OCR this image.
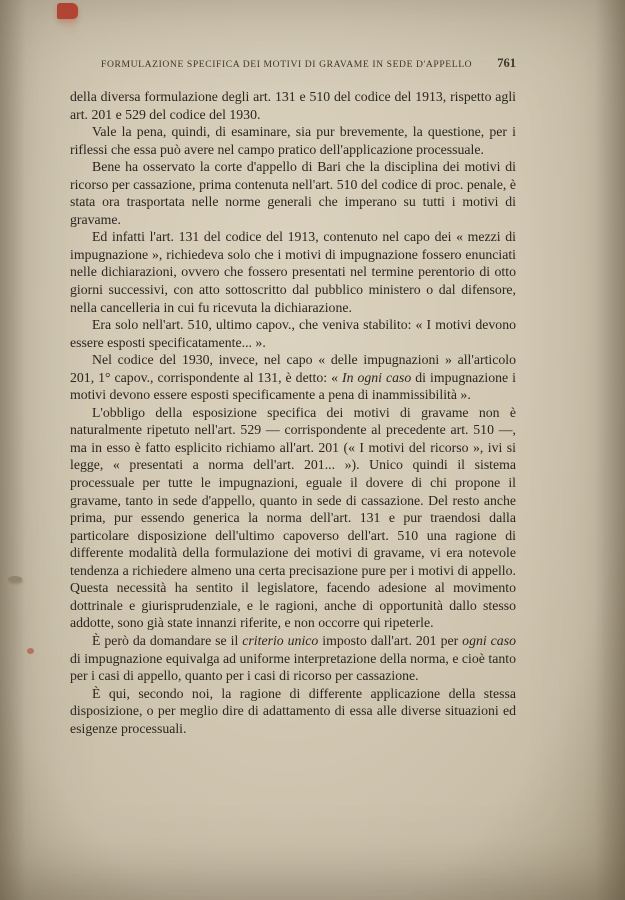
FORMULAZIONE SPECIFICA DEI MOTIVI DI GRAVAME IN SEDE D'APPELLO	761

della diversa formulazione degli art. 131 e 510 del codice del 1913, rispetto agli art. 201 e 529 del codice del 1930.

Vale la pena, quindi, di esaminare, sia pur brevemente, la questione, per i riflessi che essa può avere nel campo pratico dell'applicazione processuale.

Bene ha osservato la corte d'appello di Bari che la disciplina dei motivi di ricorso per cassazione, prima contenuta nell'art. 510 del codice di proc. penale, è stata ora trasportata nelle norme generali che imperano su tutti i motivi di gravame.

Ed infatti l'art. 131 del codice del 1913, contenuto nel capo dei « mezzi di impugnazione », richiedeva solo che i motivi di impugnazione fossero enunciati nelle dichiarazioni, ovvero che fossero presentati nel termine perentorio di otto giorni successivi, con atto sottoscritto dal pubblico ministero o dal difensore, nella cancelleria in cui fu ricevuta la dichiarazione.

Era solo nell'art. 510, ultimo capov., che veniva stabilito: « I motivi devono essere esposti specificatamente... ».

Nel codice del 1930, invece, nel capo « delle impugnazioni » all'articolo 201, 1° capov., corrispondente al 131, è detto: « In ogni caso di impugnazione i motivi devono essere esposti specificamente a pena di inammissibilità ».

L'obbligo della esposizione specifica dei motivi di gravame non è naturalmente ripetuto nell'art. 529 — corrispondente al precedente art. 510 —, ma in esso è fatto esplicito richiamo all'art. 201 (« I motivi del ricorso », ivi si legge, « presentati a norma dell'art. 201... »). Unico quindi il sistema processuale per tutte le impugnazioni, eguale il dovere di chi propone il gravame, tanto in sede d'appello, quanto in sede di cassazione. Del resto anche prima, pur essendo generica la norma dell'art. 131 e pur traendosi dalla particolare disposizione dell'ultimo capoverso dell'art. 510 una ragione di differente modalità della formulazione dei motivi di gravame, vi era notevole tendenza a richiedere almeno una certa precisazione pure per i motivi di appello. Questa necessità ha sentito il legislatore, facendo adesione al movimento dottrinale e giurisprudenziale, e le ragioni, anche di opportunità dallo stesso addotte, sono già state innanzi riferite, e non occorre qui ripeterle.

È però da domandare se il criterio unico imposto dall'art. 201 per ogni caso di impugnazione equivalga ad uniforme interpretazione della norma, e cioè tanto per i casi di appello, quanto per i casi di ricorso per cassazione.

È qui, secondo noi, la ragione di differente applicazione della stessa disposizione, o per meglio dire di adattamento di essa alle diverse situazioni ed esigenze processuali.
